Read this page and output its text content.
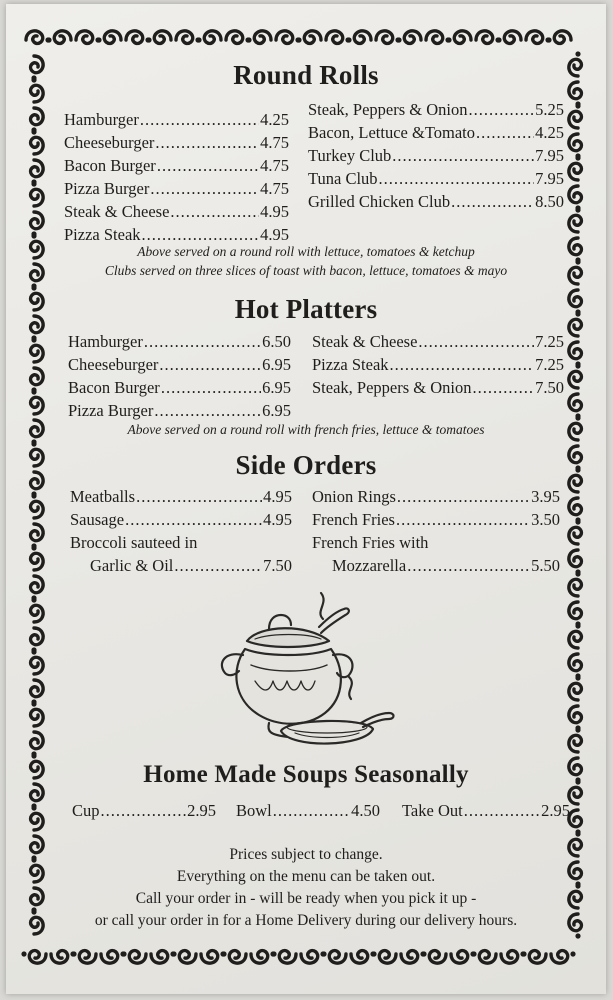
Round Rolls
Hamburger .....	4.25
Cheeseburger .....	4.75
Bacon Burger .....	4.75
Pizza Burger .....	4.75
Steak & Cheese .....	4.95
Pizza Steak .....	4.95
Steak, Peppers & Onion .....	5.25
Bacon, Lettuce &Tomato .....	4.25
Turkey Club .....	7.95
Tuna Club .....	7.95
Grilled Chicken Club .....	8.50
Above served on a round roll with lettuce, tomatoes & ketchup
Clubs served on three slices of toast with bacon, lettuce, tomatoes & mayo
Hot Platters
Hamburger .....	6.50
Cheeseburger .....	6.95
Bacon Burger .....	6.95
Pizza Burger .....	6.95
Steak & Cheese .....	7.25
Pizza Steak .....	7.25
Steak, Peppers & Onion .....	7.50
Above served on a round roll with french fries, lettuce & tomatoes
Side Orders
Meatballs .....	4.95
Sausage .....	4.95
Broccoli sauteed in
Garlic & Oil .....	7.50
Onion Rings .....	3.95
French Fries .....	3.50
French Fries with
Mozzarella .....	5.50
Home Made Soups Seasonally
Cup .....	2.95 Bowl .....	4.50 Take Out .....	2.95
Prices subject to change.
Everything on the menu can be taken out.
Call your order in - will be ready when you pick it up -
or call your order in for a Home Delivery during our delivery hours.
